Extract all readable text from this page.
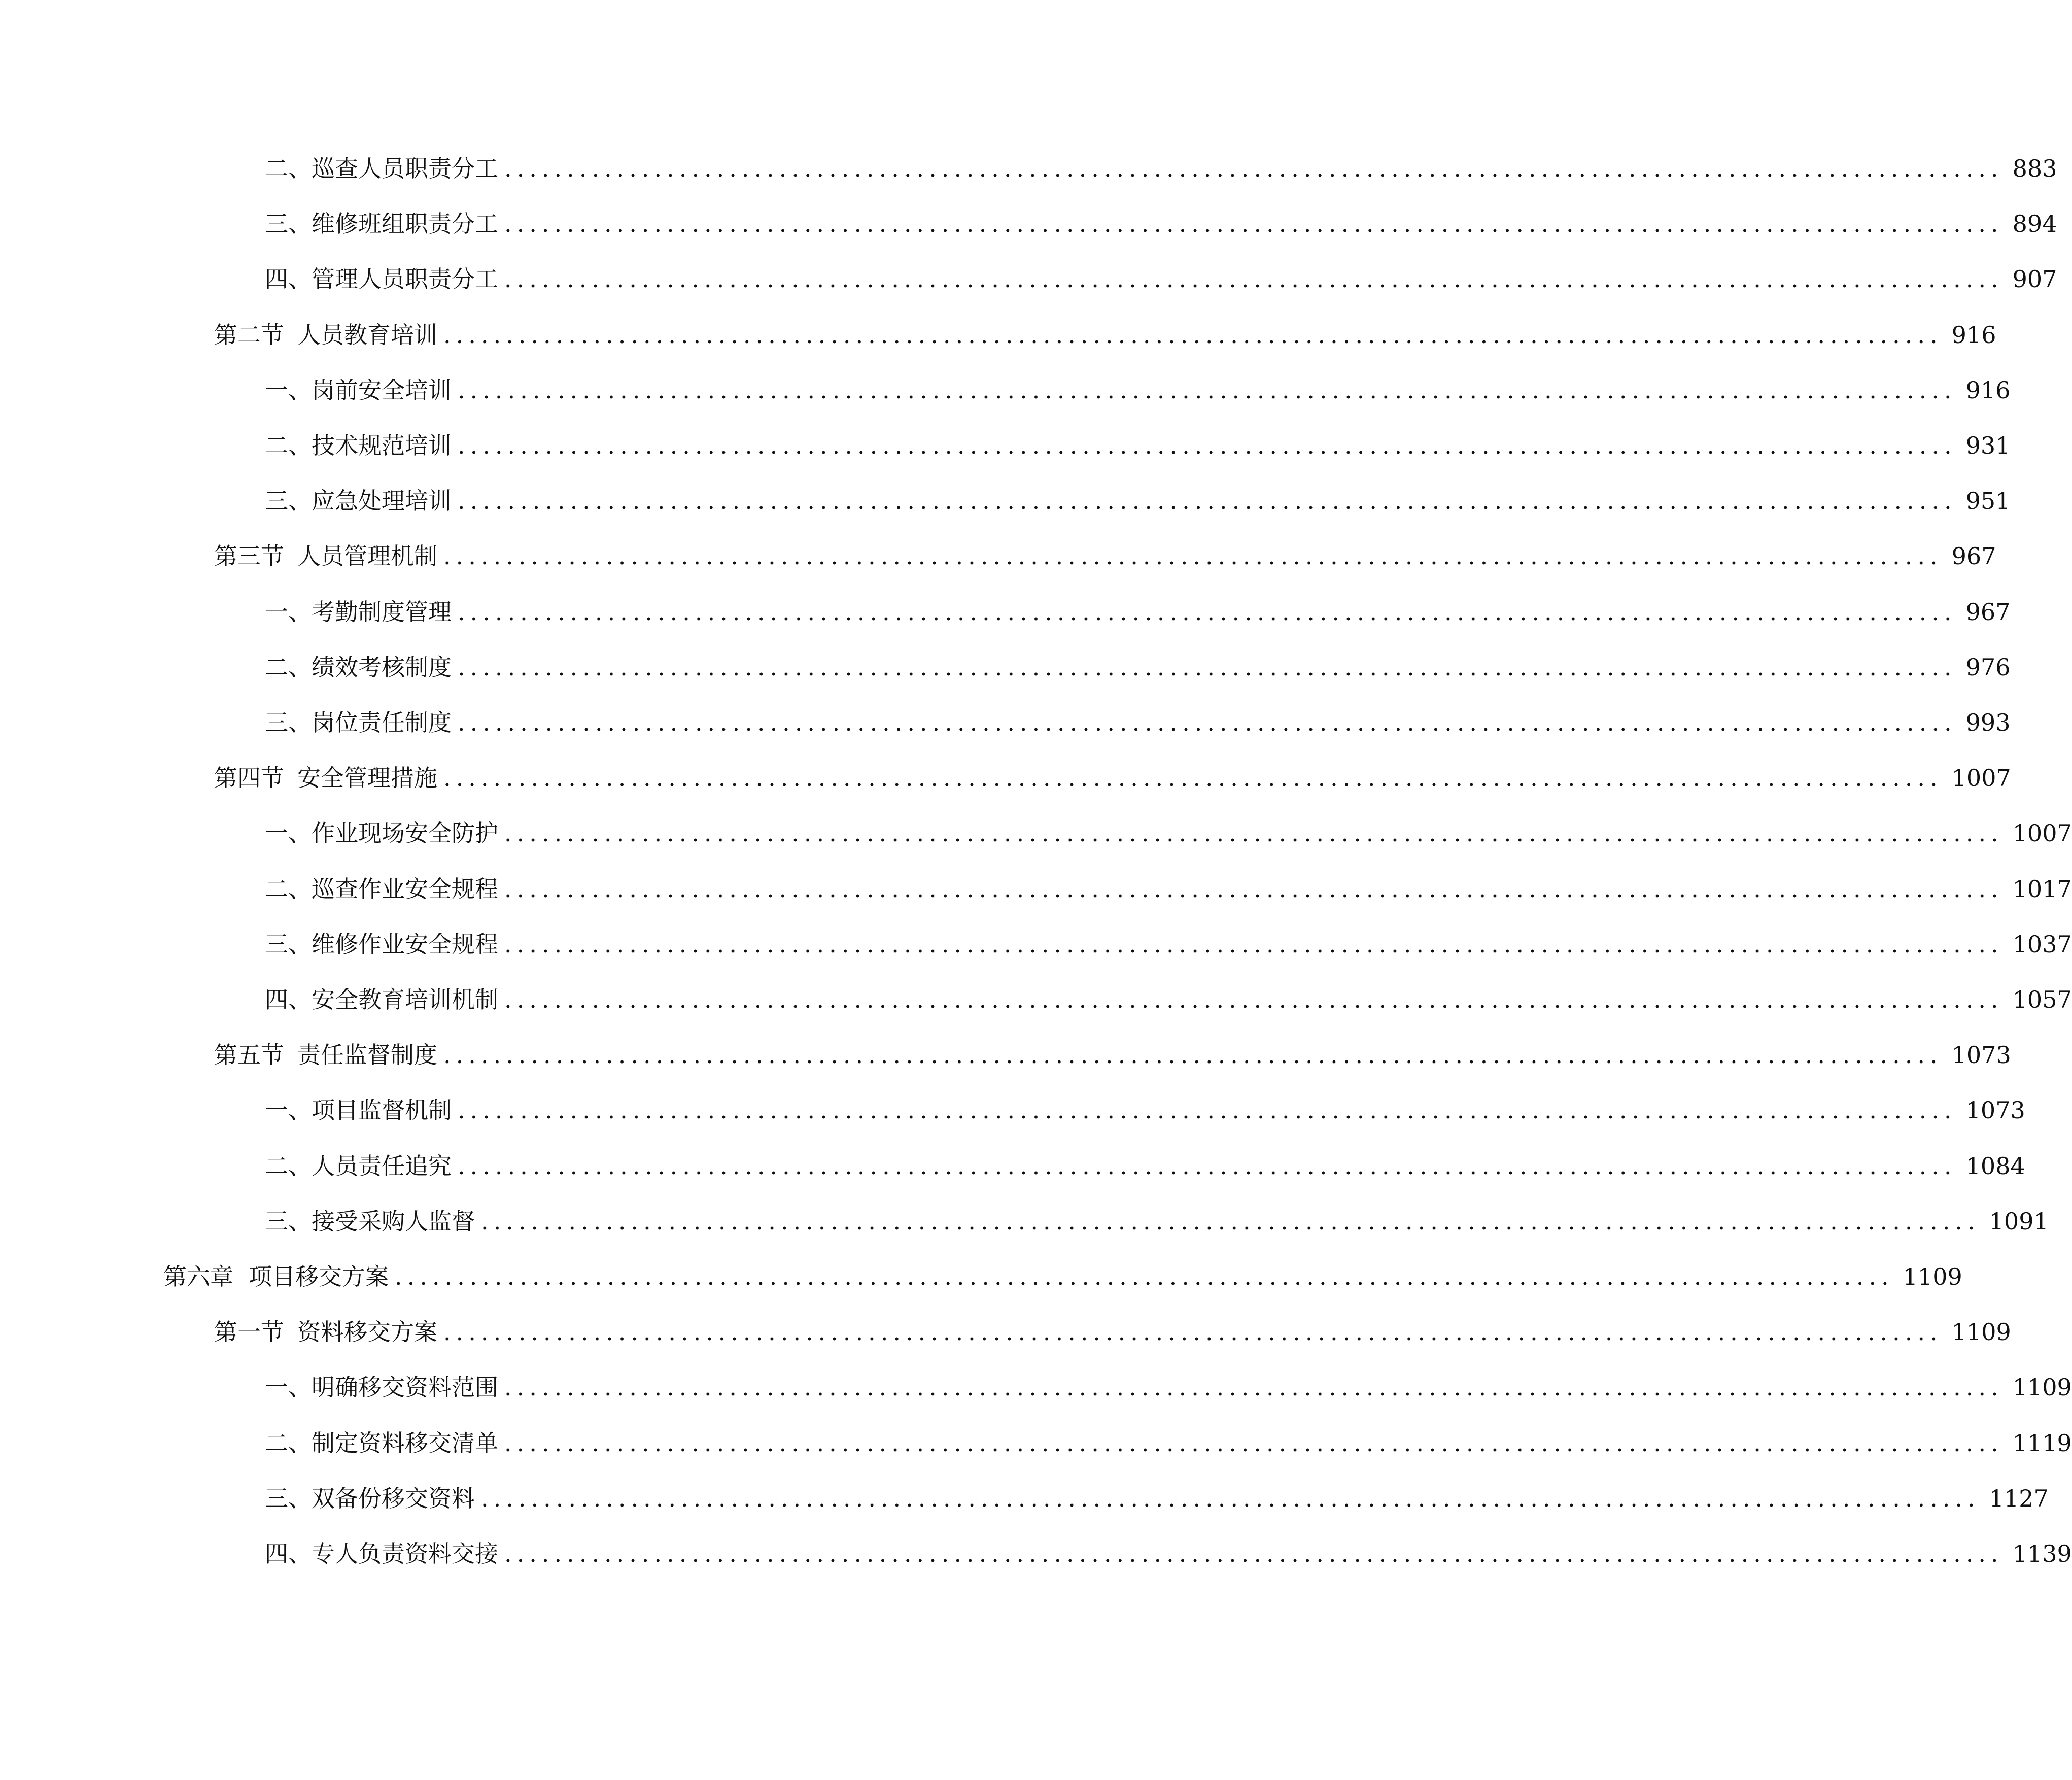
二、 巡查人员职责分工 ........................................................................................................................ 883
三、 维修班组职责分工 ........................................................................................................................ 894
四、 管理人员职责分工 ........................................................................................................................ 907
第二节 人员教育培训 ........................................................................................................................ 916
一、 岗前安全培训 ........................................................................................................................ 916
二、 技术规范培训 ........................................................................................................................ 931
三、 应急处理培训 ........................................................................................................................ 951
第三节 人员管理机制 ........................................................................................................................ 967
一、 考勤制度管理 ........................................................................................................................ 967
二、 绩效考核制度 ........................................................................................................................ 976
三、 岗位责任制度 ........................................................................................................................ 993
第四节 安全管理措施 ........................................................................................................................ 1007
一、 作业现场安全防护 ........................................................................................................................ 1007
二、 巡查作业安全规程 ........................................................................................................................ 1017
三、 维修作业安全规程 ........................................................................................................................ 1037
四、 安全教育培训机制 ........................................................................................................................ 1057
第五节 责任监督制度 ........................................................................................................................ 1073
一、 项目监督机制 ........................................................................................................................ 1073
二、 人员责任追究 ........................................................................................................................ 1084
三、 接受采购人监督 ........................................................................................................................ 1091
第六章 项目移交方案 ........................................................................................................................ 1109
第一节 资料移交方案 ........................................................................................................................ 1109
一、 明确移交资料范围 ........................................................................................................................ 1109
二、 制定资料移交清单 ........................................................................................................................ 1119
三、 双备份移交资料 ........................................................................................................................ 1127
四、 专人负责资料交接 ........................................................................................................................ 1139
